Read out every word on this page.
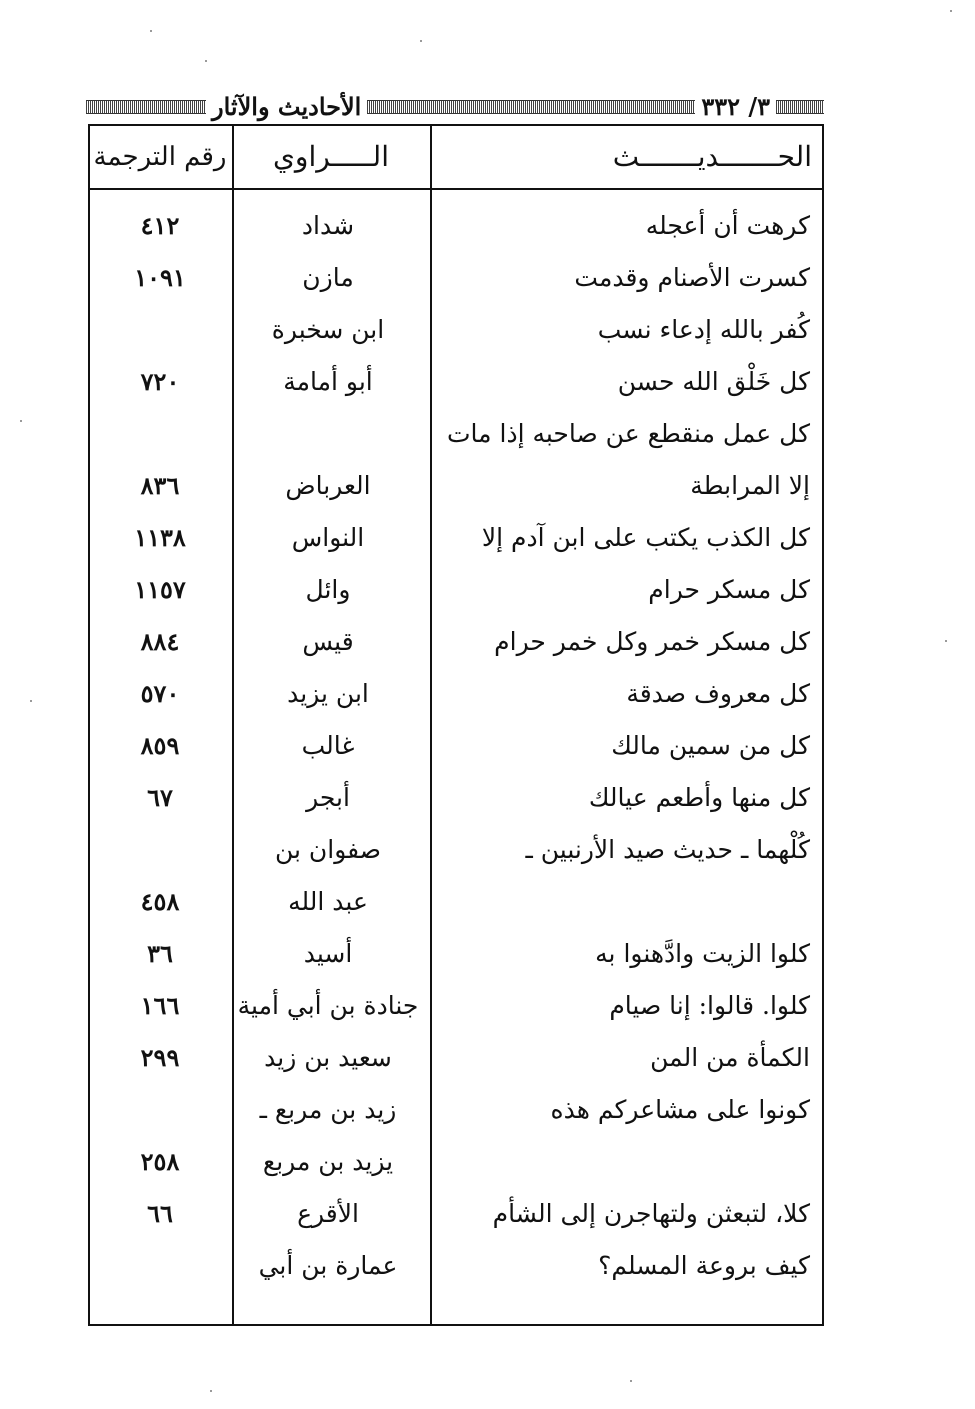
٣/ ٣٣٢
الأحاديث والآثار
الحـــــــديـــــــث
الـــــراوي
رقم الترجمة
كرهت أن أعجله
شداد
٤١٢
كسرت الأصنام وقدمت
مازن
١٠٩١
كُفر بالله إدعاء نسب
ابن سخبرة
كل خَلْق الله حسن
أبو أمامة
٧٢٠
كل عمل منقطع عن صاحبه إذا مات
إلا المرابطة
العرباض
٨٣٦
كل الكذب يكتب على ابن آدم إلا
النواس
١١٣٨
كل مسكر حرام
وائل
١١٥٧
كل مسكر خمر وكل خمر حرام
قيس
٨٨٤
كل معروف صدقة
ابن يزيد
٥٧٠
كل من سمين مالك
غالب
٨٥٩
كل منها وأطعم عيالك
أبجر
٦٧
كُلْهما ـ حديث صيد الأرنبين ـ
صفوان بن
عبد الله
٤٥٨
كلوا الزيت وادَّهنوا به
أسيد
٣٦
كلوا. قالوا: إنا صيام
جنادة بن أبي أمية
١٦٦
الكمأة من المن
سعيد بن زيد
٢٩٩
كونوا على مشاعركم هذه
زيد بن مربع ـ
يزيد بن مربع
٢٥٨
كلا، لتبعثن ولتهاجرن إلى الشأم
الأقرع
٦٦
كيف بروعة المسلم؟
عمارة بن أبي
